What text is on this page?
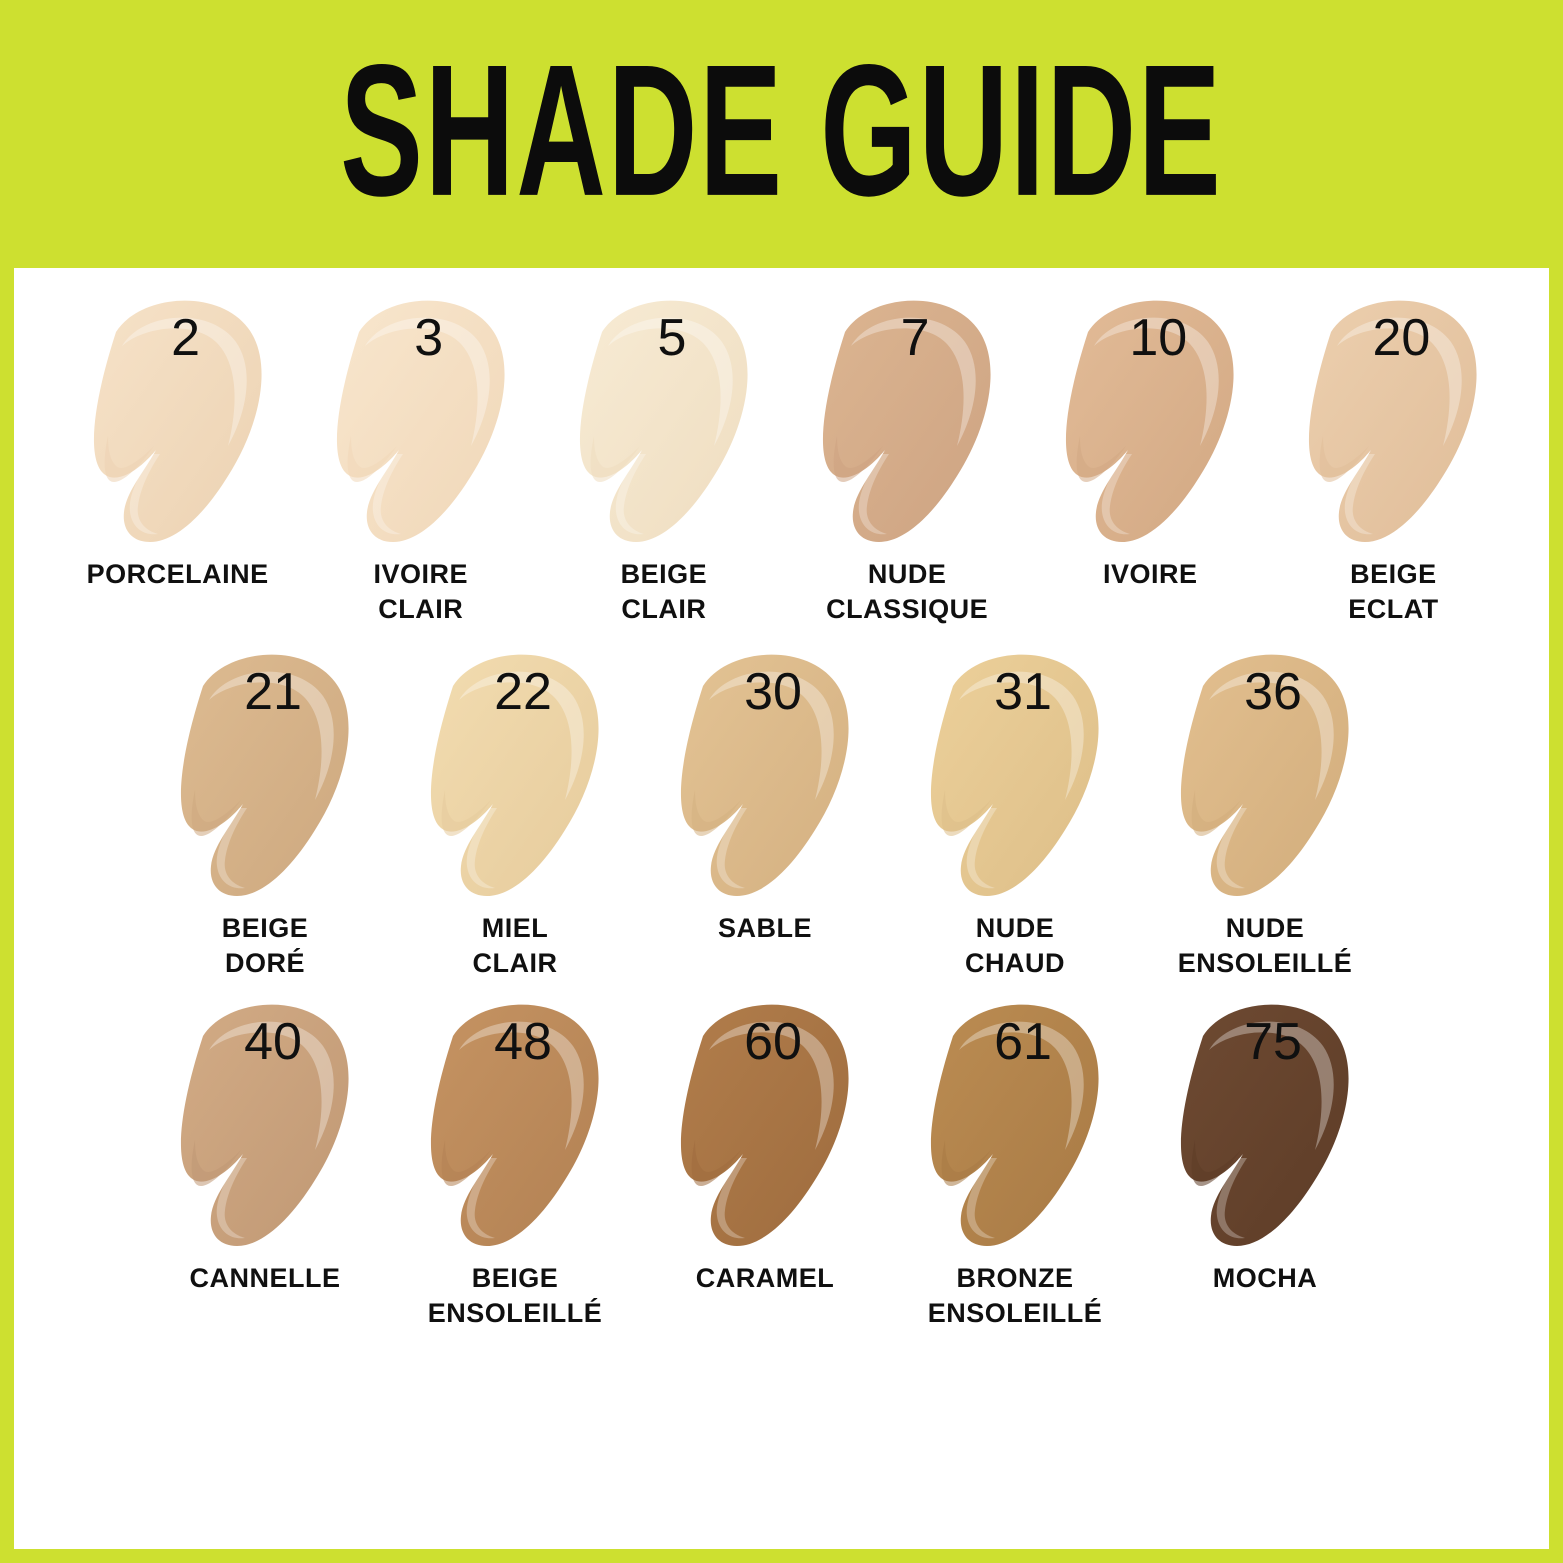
SHADE GUIDE
2
PORCELAINE
3
IVOIRE
CLAIR
5
BEIGE
CLAIR
7
NUDE
CLASSIQUE
10
IVOIRE
20
BEIGE
ECLAT
21
BEIGE
DORÉ
22
MIEL
CLAIR
30
SABLE
31
NUDE
CHAUD
36
NUDE
ENSOLEILLÉ
40
CANNELLE
48
BEIGE
ENSOLEILLÉ
60
CARAMEL
61
BRONZE
ENSOLEILLÉ
75
MOCHA
